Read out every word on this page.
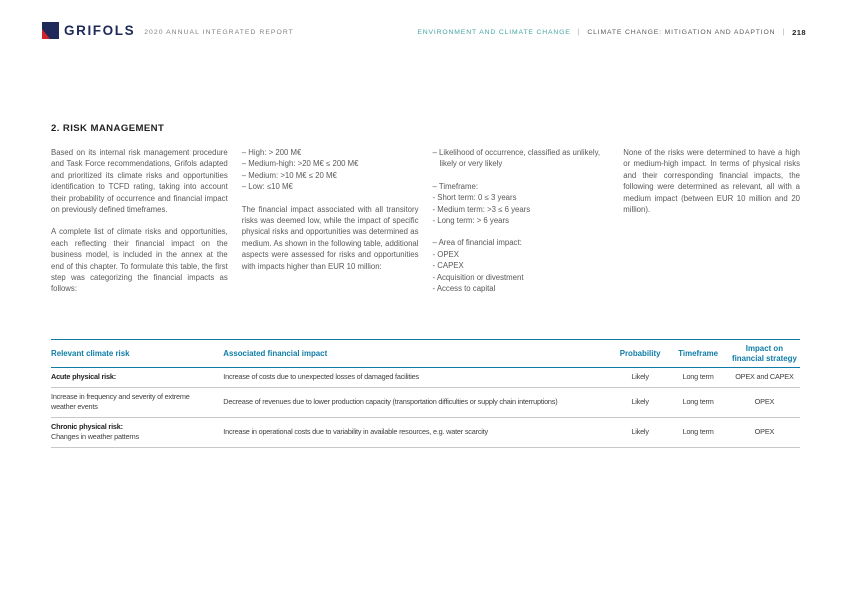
GRIFOLS 2020 ANNUAL INTEGRATED REPORT	ENVIRONMENT AND CLIMATE CHANGE | CLIMATE CHANGE: MITIGATION AND ADAPTION | 218
2. RISK MANAGEMENT

Based on its internal risk management procedure and Task Force recommendations, Grifols adapted and prioritized its climate risks and opportunities identification to TCFD rating, taking into account their probability of occurrence and financial impact on previously defined timeframes.

A complete list of climate risks and opportunities, each reflecting their financial impact on the business model, is included in the annex at the end of this chapter. To formulate this table, the first step was categorizing the financial impacts as follows:

– High: > 200 M€
– Medium-high: >20 M€ ≤ 200 M€
– Medium: >10 M€ ≤ 20 M€
– Low: ≤10 M€

The financial impact associated with all transitory risks was deemed low, while the impact of specific physical risks and opportunities was determined as medium. As shown in the following table, additional aspects were assessed for risks and opportunities with impacts higher than EUR 10 million:

– Likelihood of occurrence, classified as unlikely, likely or very likely

– Timeframe:
- Short term: 0 ≤ 3 years
- Medium term: >3 ≤ 6 years
- Long term: > 6 years
– Area of financial impact:
- OPEX
- CAPEX
- Acquisition or divestment
- Access to capital

None of the risks were determined to have a high or medium-high impact. In terms of physical risks and their corresponding financial impacts, the following were determined as relevant, all with a medium impact (between EUR 10 million and 20 million).

Relevant climate risk	Associated financial impact	Probability	Timeframe	Impact on financial strategy

Acute physical risk:	Increase of costs due to unexpected losses of damaged facilities	Likely	Long term	OPEX and CAPEX

Increase in frequency and severity of extreme weather events	Decrease of revenues due to lower production capacity (transportation difficulties or supply chain interruptions)	Likely	Long term	OPEX

Chronic physical risk:
Changes in weather patterns	Increase in operational costs due to variability in available resources, e.g. water scarcity	Likely	Long term	OPEX
